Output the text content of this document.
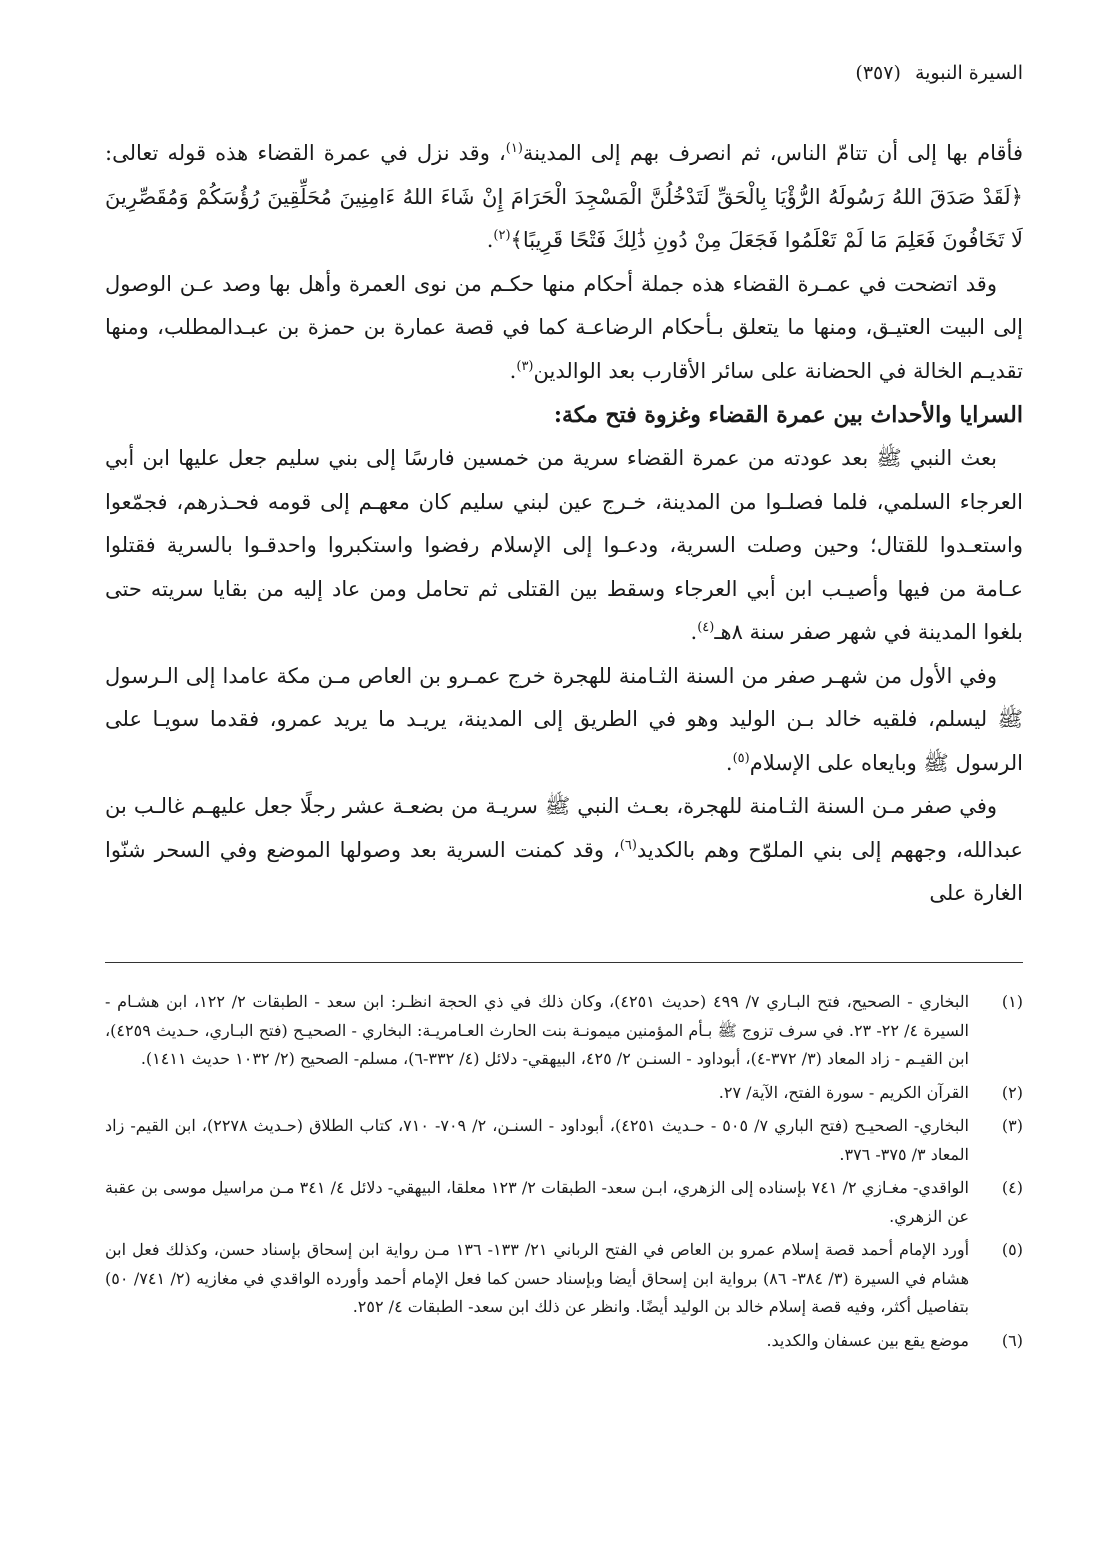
السيرة النبوية (٣٥٧)

فأقام بها إلى أن تتامّ الناس، ثم انصرف بهم إلى المدينة$^{(١)}$، وقد نزل في عمرة القضاء هذه قوله تعالى: ﴿لَقَدْ صَدَقَ اللهُ رَسُولَهُ الرُّؤْيَا بِالْحَقِّ لَتَدْخُلُنَّ الْمَسْجِدَ الْحَرَامَ إِنْ شَاءَ اللهُ ءَامِنِينَ مُحَلِّقِينَ رُؤُسَكُمْ وَمُقَصِّرِينَ لَا تَخَافُونَ فَعَلِمَ مَا لَمْ تَعْلَمُوا فَجَعَلَ مِنْ دُونِ ذَٰلِكَ فَتْحًا قَرِيبًا﴾$^{(٢)}$.

وقد اتضحت في عمـرة القضاء هذه جملة أحكام منها حكـم من نوى العمرة وأهل بها وصد عـن الوصول إلى البيت العتيـق، ومنها ما يتعلق بـأحكام الرضاعـة كما في قصة عمارة بن حمزة بن عبـدالمطلب، ومنها تقديـم الخالة في الحضانة على سائر الأقارب بعد الوالدين$^{(٣)}$.

السرايا والأحداث بين عمرة القضاء وغزوة فتح مكة:

بعث النبي ﷺ بعد عودته من عمرة القضاء سرية من خمسين فارسًا إلى بني سليم جعل عليها ابن أبي العرجاء السلمي، فلما فصلـوا من المدينة، خـرج عين لبني سليم كان معهـم إلى قومه فحـذرهم، فجمّعوا واستعـدوا للقتال؛ وحين وصلت السرية، ودعـوا إلى الإسلام رفضوا واستكبروا واحدقـوا بالسرية فقتلوا عـامة من فيها وأصيـب ابن أبي العرجاء وسقط بين القتلى ثم تحامل ومن عاد إليه من بقايا سريته حتى بلغوا المدينة في شهر صفر سنة ٨هـ$^{(٤)}$.

وفي الأول من شهـر صفر من السنة الثـامنة للهجرة خرج عمـرو بن العاص مـن مكة عامدا إلى الـرسول ﷺ ليسلم، فلقيه خالد بـن الوليد وهو في الطريق إلى المدينة، يريـد ما يريد عمرو، فقدما سويـا على الرسول ﷺ وبايعاه على الإسلام$^{(٥)}$.

وفي صفر مـن السنة الثـامنة للهجرة، بعـث النبي ﷺ سريـة من بضعـة عشر رجلًا جعل عليهـم غالـب بن عبدالله، وجههم إلى بني الملوّح وهم بالكديد$^{(٦)}$، وقد كمنت السرية بعد وصولها الموضع وفي السحر شنّوا الغارة على

(١)
البخاري - الصحيح، فتح البـاري ٧/ ٤٩٩ (حديث ٤٢٥١)، وكان ذلك في ذي الحجة انظـر: ابن سعد - الطبقات ٢/ ١٢٢، ابن هشـام - السيرة ٤/ ٢٢- ٢٣. في سرف تزوج ﷺ بـأم المؤمنين ميمونـة بنت الحارث العـامريـة: البخاري - الصحيـح (فتح البـاري، حـديث ٤٢٥٩)، ابن القيـم - زاد المعاد (٣/ ٣٧٢-٤)، أبوداود - السنـن ٢/ ٤٢٥، البيهقي- دلائل (٤/ ٣٣٢-٦)، مسلم- الصحيح (٢/ ١٠٣٢ حديث ١٤١١).
(٢)
القرآن الكريم - سورة الفتح، الآية/ ٢٧.
(٣)
البخاري- الصحيـح (فتح الباري ٧/ ٥٠٥ - حـديث ٤٢٥١)، أبوداود - السنـن، ٢/ ٧٠٩- ٧١٠، كتاب الطلاق (حـديث ٢٢٧٨)، ابن القيم- زاد المعاد ٣/ ٣٧٥- ٣٧٦.
(٤)
الواقدي- مغـازي ٢/ ٧٤١ بإسناده إلى الزهري، ابـن سعد- الطبقات ٢/ ١٢٣ معلقا، البيهقي- دلائل ٤/ ٣٤١ مـن مراسيل موسى بن عقبة عن الزهري.
(٥)
أورد الإمام أحمد قصة إسلام عمرو بن العاص في الفتح الرباني ٢١/ ١٣٣- ١٣٦ مـن رواية ابن إسحاق بإسناد حسن، وكذلك فعل ابن هشام في السيرة (٣/ ٣٨٤- ٨٦) برواية ابن إسحاق أيضا وبإسناد حسن كما فعل الإمام أحمد وأورده الواقدي في مغازيه (٢/ ٧٤١/ ٥٠) بتفاصيل أكثر، وفيه قصة إسلام خالد بن الوليد أيضًا. وانظر عن ذلك ابن سعد- الطبقات ٤/ ٢٥٢.
(٦)
موضع يقع بين عسفان والكديد.
